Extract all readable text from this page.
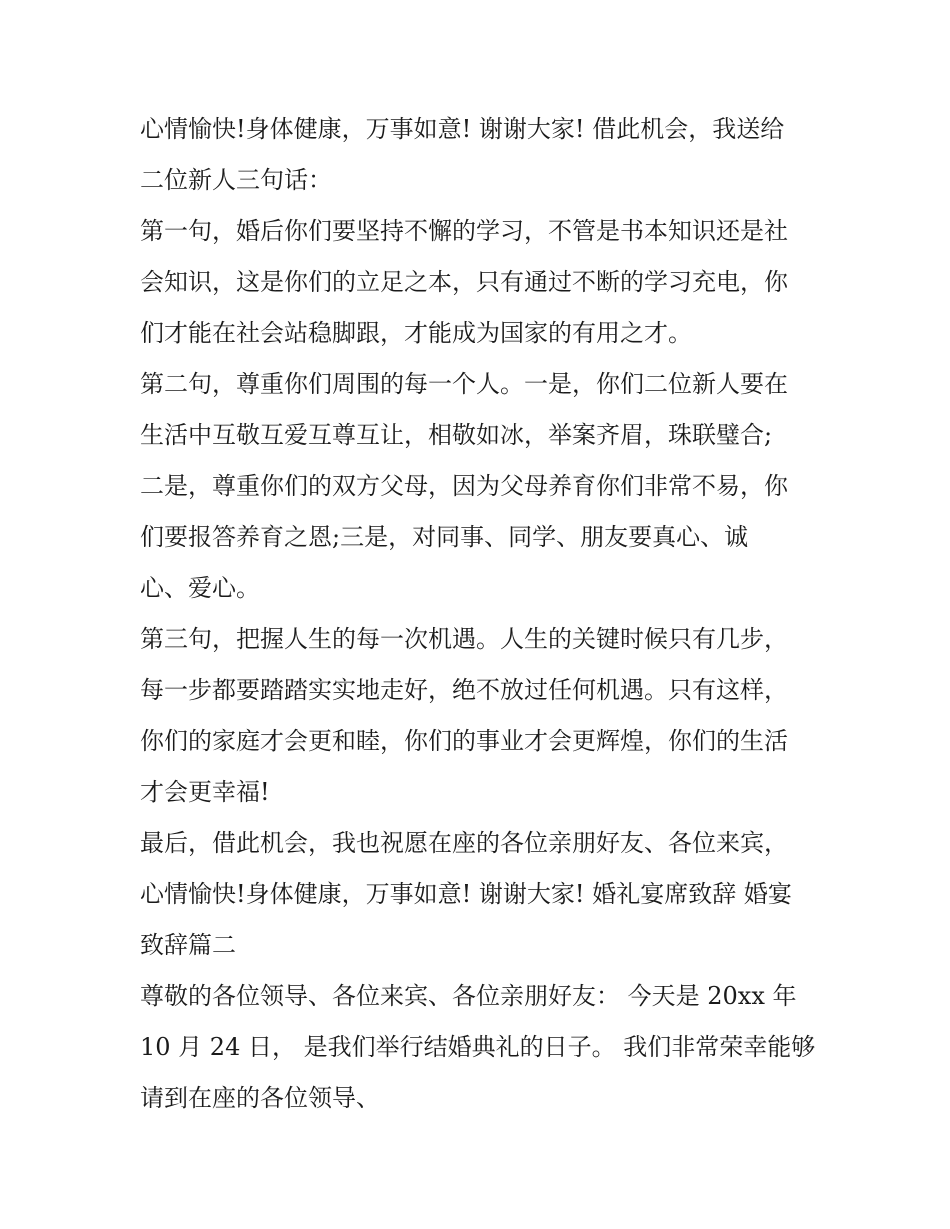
心情愉快!身体健康，万事如意! 谢谢大家! 借此机会，我送给
二位新人三句话：
第一句，婚后你们要坚持不懈的学习，不管是书本知识还是社
会知识，这是你们的立足之本，只有通过不断的学习充电，你
们才能在社会站稳脚跟，才能成为国家的有用之才。
第二句，尊重你们周围的每一个人。一是，你们二位新人要在
生活中互敬互爱互尊互让，相敬如冰，举案齐眉，珠联璧合;
二是，尊重你们的双方父母，因为父母养育你们非常不易，你
们要报答养育之恩;三是，对同事、同学、朋友要真心、诚
心、爱心。
第三句，把握人生的每一次机遇。人生的关键时候只有几步，
每一步都要踏踏实实地走好，绝不放过任何机遇。只有这样，
你们的家庭才会更和睦，你们的事业才会更辉煌，你们的生活
才会更幸福!
最后，借此机会，我也祝愿在座的各位亲朋好友、各位来宾，
心情愉快!身体健康，万事如意! 谢谢大家! 婚礼宴席致辞 婚宴
致辞篇二
尊敬的各位领导、各位来宾、各位亲朋好友： 今天是 20xx 年
10 月 24 日， 是我们举行结婚典礼的日子。 我们非常荣幸能够
请到在座的各位领导、
